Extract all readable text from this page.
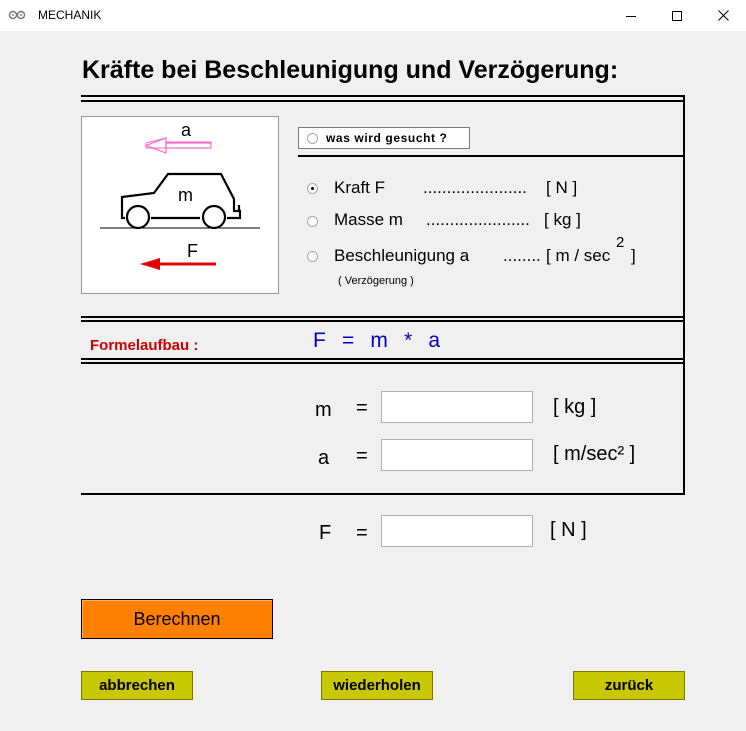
MECHANIK
Kräfte bei Beschleunigung und Verzögerung:
a
m
F
was wird gesucht ?
Kraft F ...................... [ N ]
Masse m ...................... [ kg ]
Beschleunigung a ........ [ m / sec
2
]
( Verzögerung )
Formelaufbau :	F  =  m  *  a
m =	[ kg ]
a =	[ m/sec² ]
F =	[ N ]
Berechnen
abbrechen	wiederholen	zurück
